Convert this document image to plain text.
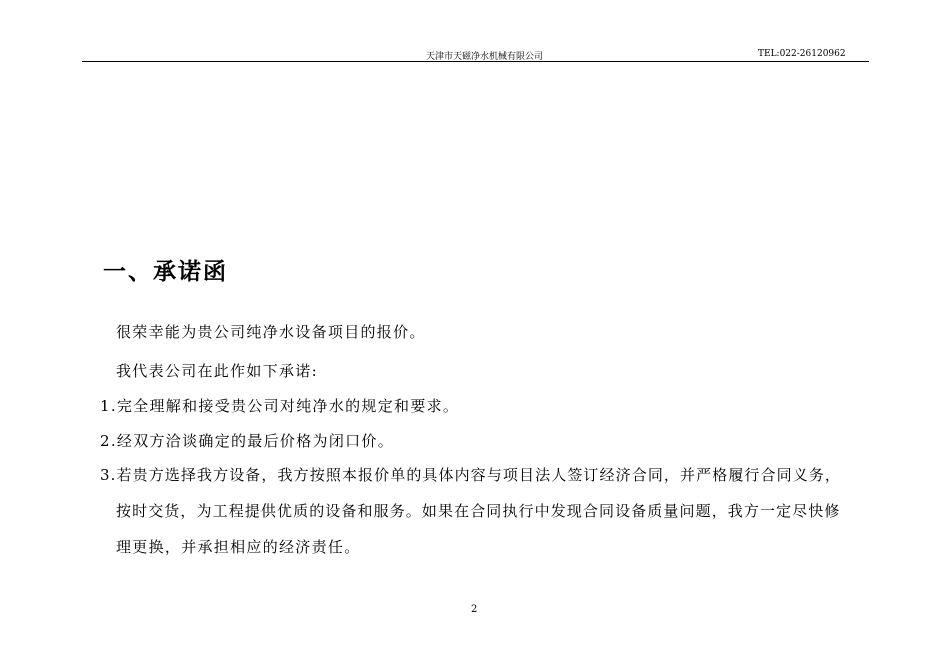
天津市天磁净水机械有限公司	TEL:022-26120962
一、承诺函

很荣幸能为贵公司纯净水设备项目的报价。

我代表公司在此作如下承诺:

1.完全理解和接受贵公司对纯净水的规定和要求。

2.经双方洽谈确定的最后价格为闭口价。

3.若贵方选择我方设备，我方按照本报价单的具体内容与项目法人签订经济合同，并严格履行合同义务，

按时交货，为工程提供优质的设备和服务。如果在合同执行中发现合同设备质量问题，我方一定尽快修

理更换，并承担相应的经济责任。

2
